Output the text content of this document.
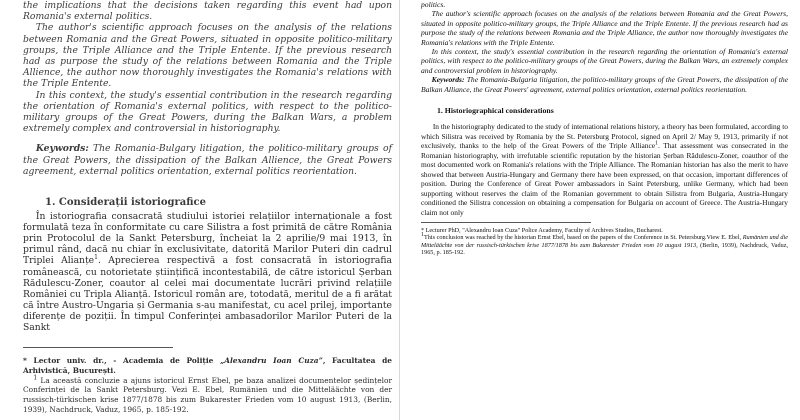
the implications that the decisions taken regarding this event had upon Romania's external politics.

The author's scientific approach focuses on the analysis of the relations between Romania and the Great Powers, situated in opposite politico-military groups, the Triple Alliance and the Triple Entente. If the previous research had as purpose the study of the relations between Romania and the Triple Allience, the author now thoroughly investigates the Romania's relations with the Triple Entente.

In this context, the study's essential contribution in the research regarding the orientation of Romania's external politics, with respect to the politico-military groups of the Great Powers, during the Balkan Wars, a problem extremely complex and controversial in historiography.

Keywords: The Romania-Bulgary litigation, the politico-military groups of the Great Powers, the dissipation of the Balkan Allience, the Great Powers agreement, external politics orientation, external politics reorientation.

1. Considerații istoriografice

În istoriografia consacrată studiului istoriei relațiilor internaționale a fost formulată teza în conformitate cu care Silistra a fost primită de către România prin Protocolul de la Sankt Petersburg, încheiat la 2 aprilie/9 mai 1913, în primul rând, dacă nu chiar în exclusivitate, datorită Marilor Puteri din cadrul Triplei Alianțe$^1$. Aprecierea respectivă a fost consacrată în istoriografia românească, cu notorietate științifică incontestabilă, de către istoricul Șerban Rădulescu-Zoner, coautor al celei mai documentate lucrări privind relațiile României cu Tripla Alianță. Istoricul român are, totodată, meritul de a fi arătat că între Austro-Ungaria și Germania s-au manifestat, cu acel prilej, importante diferențe de poziții. În timpul Conferinței ambasadorilor Marilor Puteri de la Sankt

* Lector univ. dr., - Academia de Poliție „Alexandru Ioan Cuza”, Facultatea de Arhivistică, București.

$^1$ La această concluzie a ajuns istoricul Ernst Ebel, pe baza analizei documentelor ședințelor Conferinței de la Sankt Petersburg. Vezi E. Ebel, Rumänien und die Mitteläächte von der russisch-türkischen krise 1877/1878 bis zum Bukarester Frieden vom 10 august 1913, (Berlin, 1939), Nachdruck, Vaduz, 1965, p. 185-192.

politics.

The author's scientific approach focuses on the analysis of the relations between Romania and the Great Powers, situated in opposite politico-military groups, the Triple Alliance and the Triple Entente. If the previous research had as purpose the study of the relations between Romania and the Triple Alliance, the author now thoroughly investigates the Romania's relations with the Triple Entente.

In this context, the study's essential contribution in the research regarding the orientation of Romania's external politics, with respect to the politico-military groups of the Great Powers, during the Balkan Wars, an extremely complex and controversial problem in historiography.

Keywords: The Romania-Bulgaria litigation, the politico-military groups of the Great Powers, the dissipation of the Balkan Alliance, the Great Powers' agreement, external politics orientation, external politics reorientation.

1. Historiographical considerations

In the historiography dedicated to the study of international relations history, a theory has been formulated, according to which Silistra was received by Romania by the St. Petersburg Protocol, signed on April 2/ May 9, 1913, primarily if not exclusively, thanks to the help of the Great Powers of the Triple Alliance$^1$. That assessment was consecrated in the Romanian historiography, with irrefutable scientific reputation by the historian Șerban Rădulescu-Zoner, coauthor of the most documented work on Romania's relations with the Triple Alliance. The Romanian historian has also the merit to have showed that between Austria-Hungary and Germany there have been expressed, on that occasion, important differences of position. During the Conference of Great Power ambassadors in Saint Petersburg, unlike Germany, which had been supporting without reserves the claim of the Romanian government to obtain Silistra from Bulgaria, Austria-Hungary conditioned the Silistra concession on obtaining a compensation for Bulgaria on account of Greece. The Austria-Hungary claim not only

* Lecturer PhD, "Alexandru Ioan Cuza" Police Academy, Faculty of Archives Studies, Bucharest.

1This conclusion was reached by the historian Ernst Ebel, based on the papers of the Conference in St. Petersburg.View E. Ebel, Rumänien und die Mitteläächte von der russisch-türkischen krise 1877/1878 bis zum Bukarester Frieden vom 10 august 1913, (Berlin, 1939), Nachdruck, Vaduz, 1965, p. 185-192.
